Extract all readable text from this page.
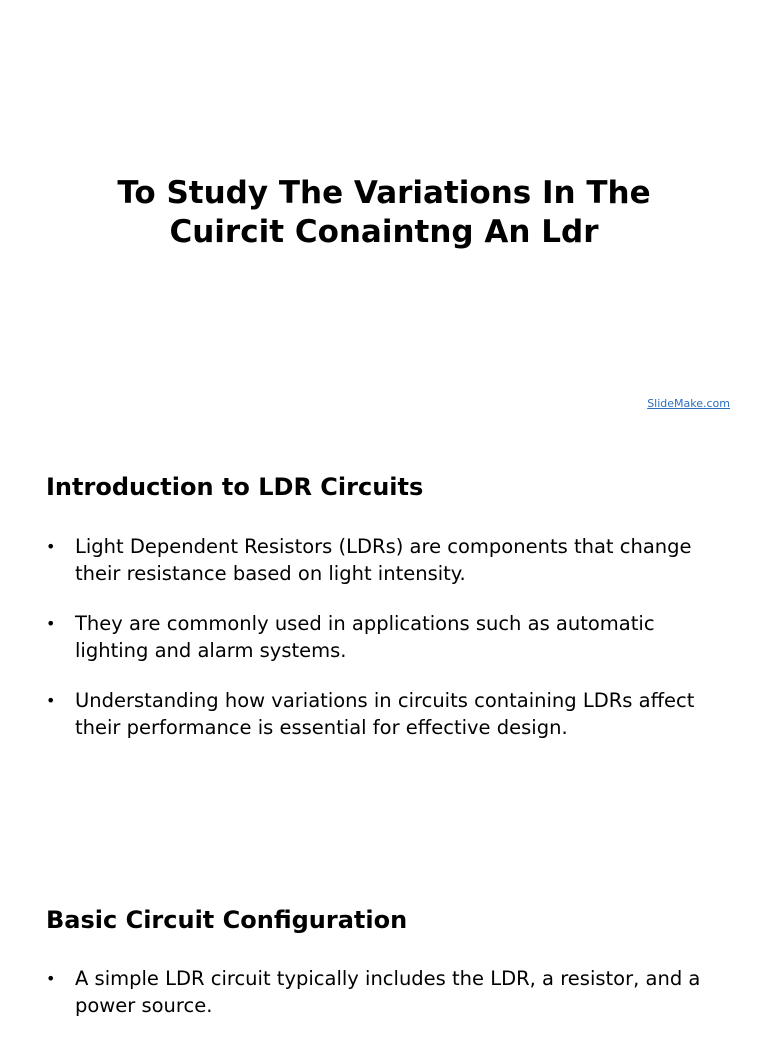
To Study The Variations In The
Cuircit Conaintng An Ldr
SlideMake.com
Introduction to LDR Circuits
• Light Dependent Resistors (LDRs) are components that change their resistance based on light intensity.
• They are commonly used in applications such as automatic lighting and alarm systems.
• Understanding how variations in circuits containing LDRs affect their performance is essential for effective design.
Basic Circuit Configuration
• A simple LDR circuit typically includes the LDR, a resistor, and a power source.
